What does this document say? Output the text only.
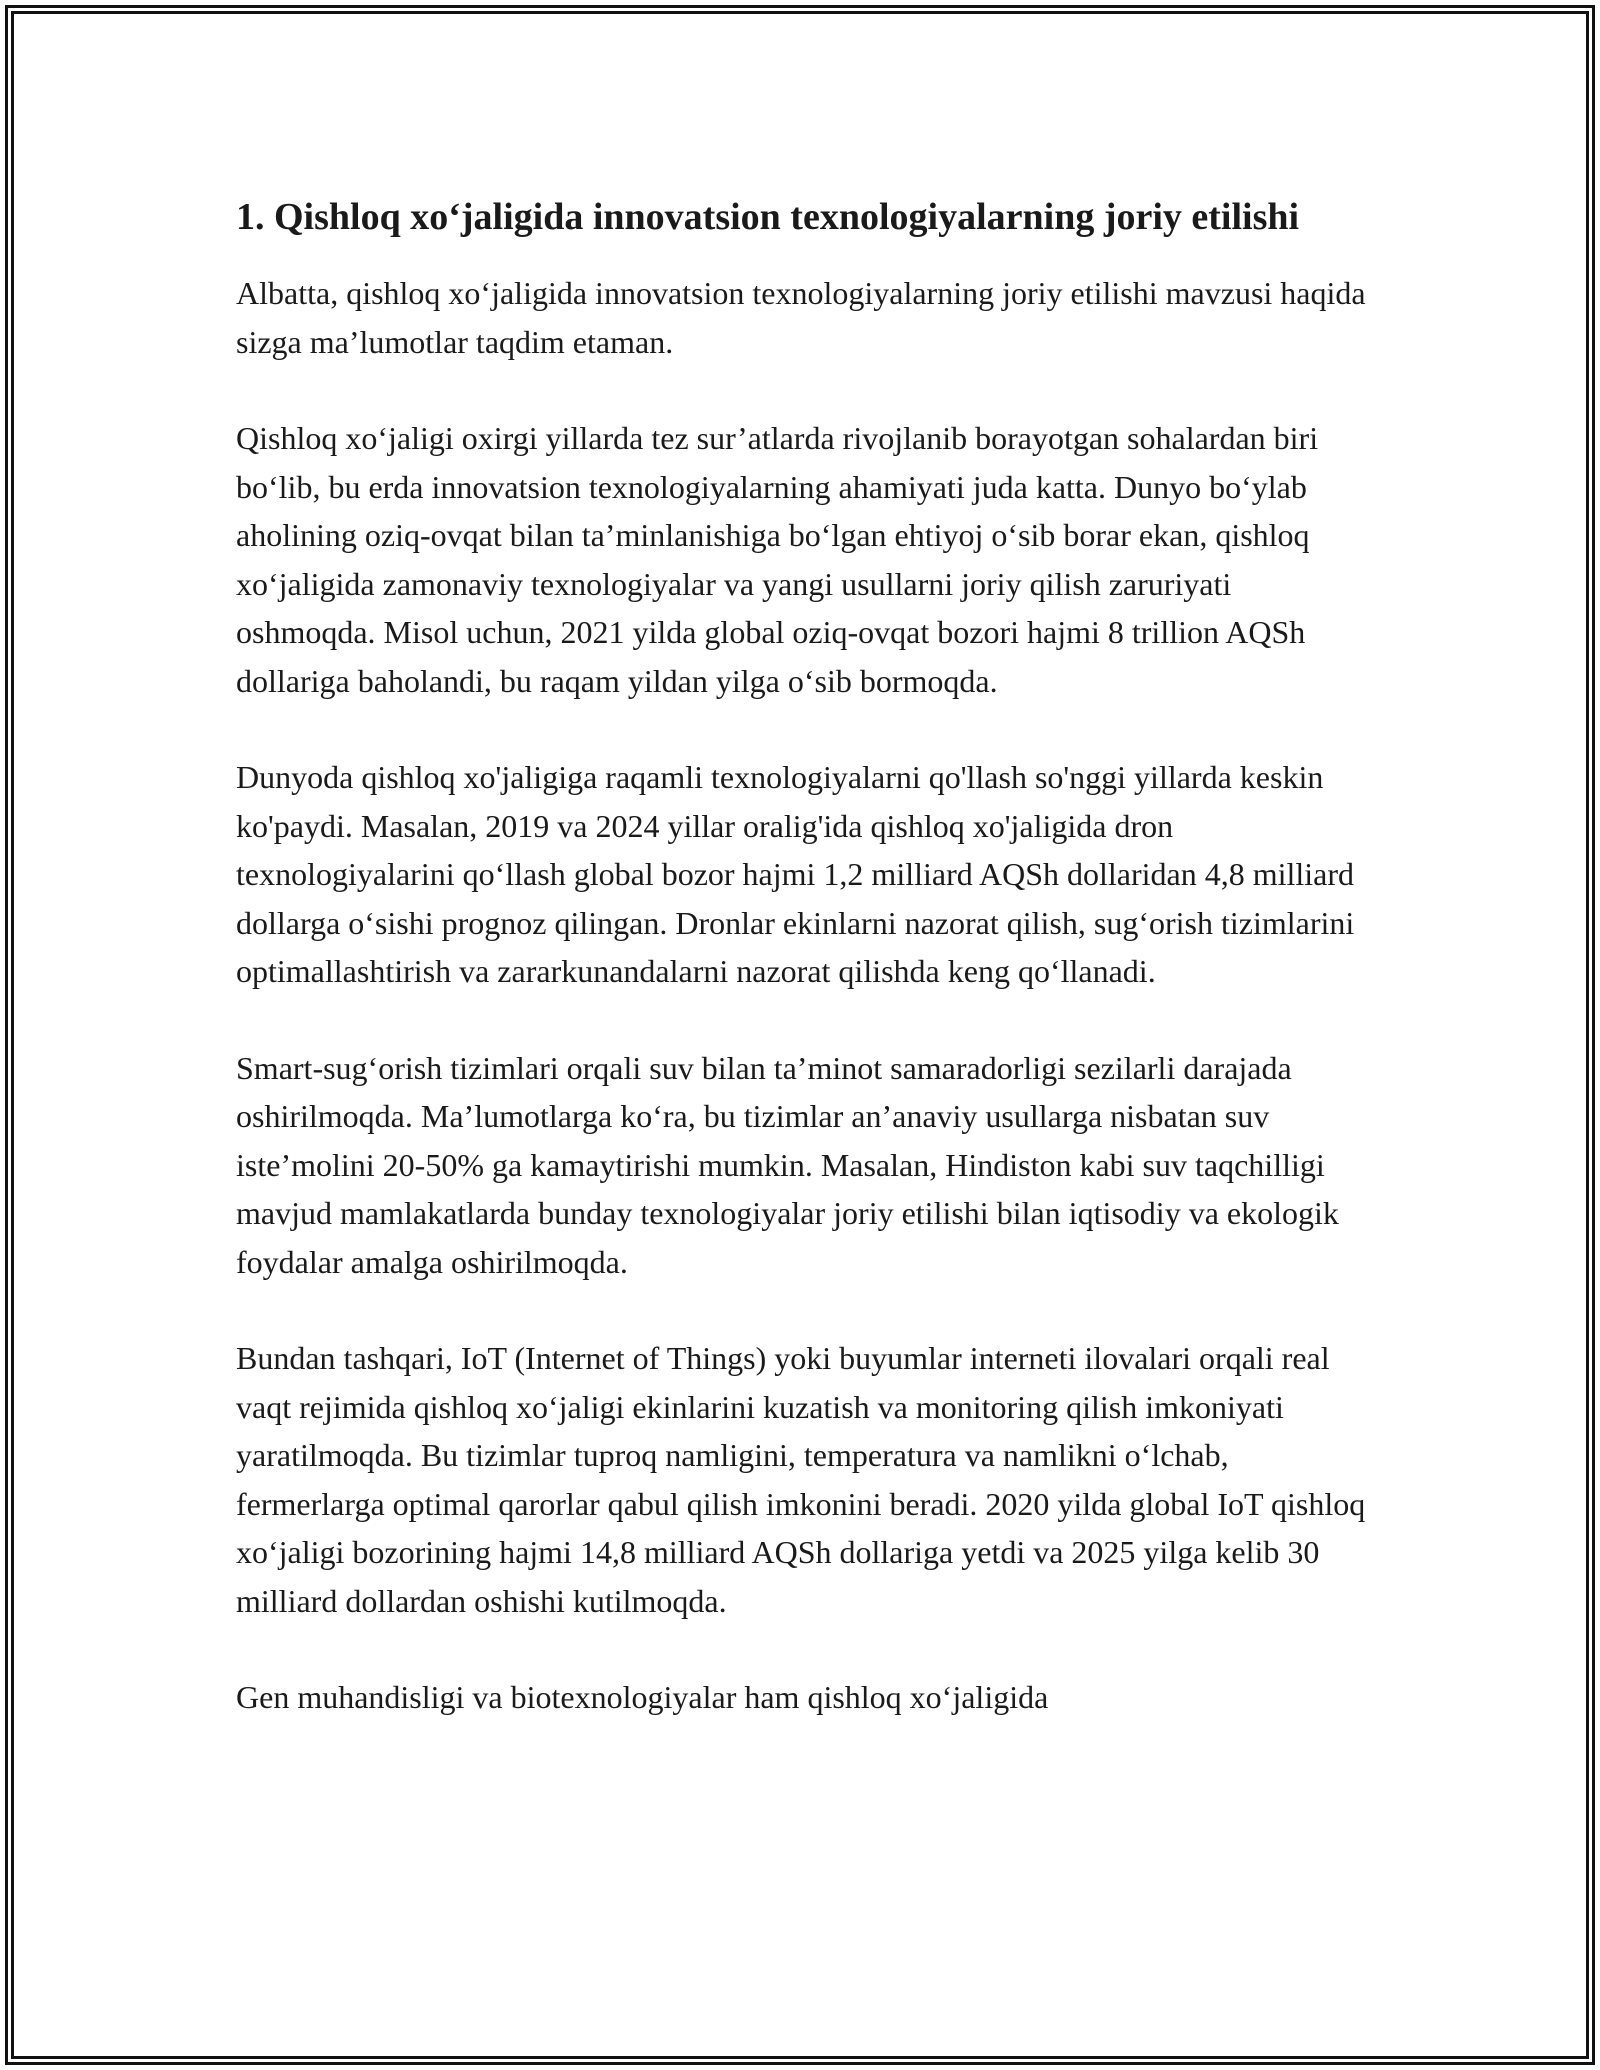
1. Qishloq xo‘jaligida innovatsion texnologiyalarning joriy etilishi

Albatta, qishloq xo‘jaligida innovatsion texnologiyalarning joriy etilishi mavzusi haqida sizga ma’lumotlar taqdim etaman.

Qishloq xo‘jaligi oxirgi yillarda tez sur’atlarda rivojlanib borayotgan sohalardan biri bo‘lib, bu erda innovatsion texnologiyalarning ahamiyati juda katta. Dunyo bo‘ylab aholining oziq-ovqat bilan ta’minlanishiga bo‘lgan ehtiyoj o‘sib borar ekan, qishloq xo‘jaligida zamonaviy texnologiyalar va yangi usullarni joriy qilish zaruriyati oshmoqda. Misol uchun, 2021 yilda global oziq-ovqat bozori hajmi 8 trillion AQSh dollariga baholandi, bu raqam yildan yilga o‘sib bormoqda.

Dunyoda qishloq xo'jaligiga raqamli texnologiyalarni qo'llash so'nggi yillarda keskin ko'paydi. Masalan, 2019 va 2024 yillar oralig'ida qishloq xo'jaligida dron texnologiyalarini qo‘llash global bozor hajmi 1,2 milliard AQSh dollaridan 4,8 milliard dollarga o‘sishi prognoz qilingan. Dronlar ekinlarni nazorat qilish, sug‘orish tizimlarini optimallashtirish va zararkunandalarni nazorat qilishda keng qo‘llanadi.

Smart-sug‘orish tizimlari orqali suv bilan ta’minot samaradorligi sezilarli darajada oshirilmoqda. Ma’lumotlarga ko‘ra, bu tizimlar an’anaviy usullarga nisbatan suv iste’molini 20-50% ga kamaytirishi mumkin. Masalan, Hindiston kabi suv taqchilligi mavjud mamlakatlarda bunday texnologiyalar joriy etilishi bilan iqtisodiy va ekologik foydalar amalga oshirilmoqda.

Bundan tashqari, IoT (Internet of Things) yoki buyumlar interneti ilovalari orqali real vaqt rejimida qishloq xo‘jaligi ekinlarini kuzatish va monitoring qilish imkoniyati yaratilmoqda. Bu tizimlar tuproq namligini, temperatura va namlikni o‘lchab, fermerlarga optimal qarorlar qabul qilish imkonini beradi. 2020 yilda global IoT qishloq xo‘jaligi bozorining hajmi 14,8 milliard AQSh dollariga yetdi va 2025 yilga kelib 30 milliard dollardan oshishi kutilmoqda.

Gen muhandisligi va biotexnologiyalar ham qishloq xo‘jaligida
